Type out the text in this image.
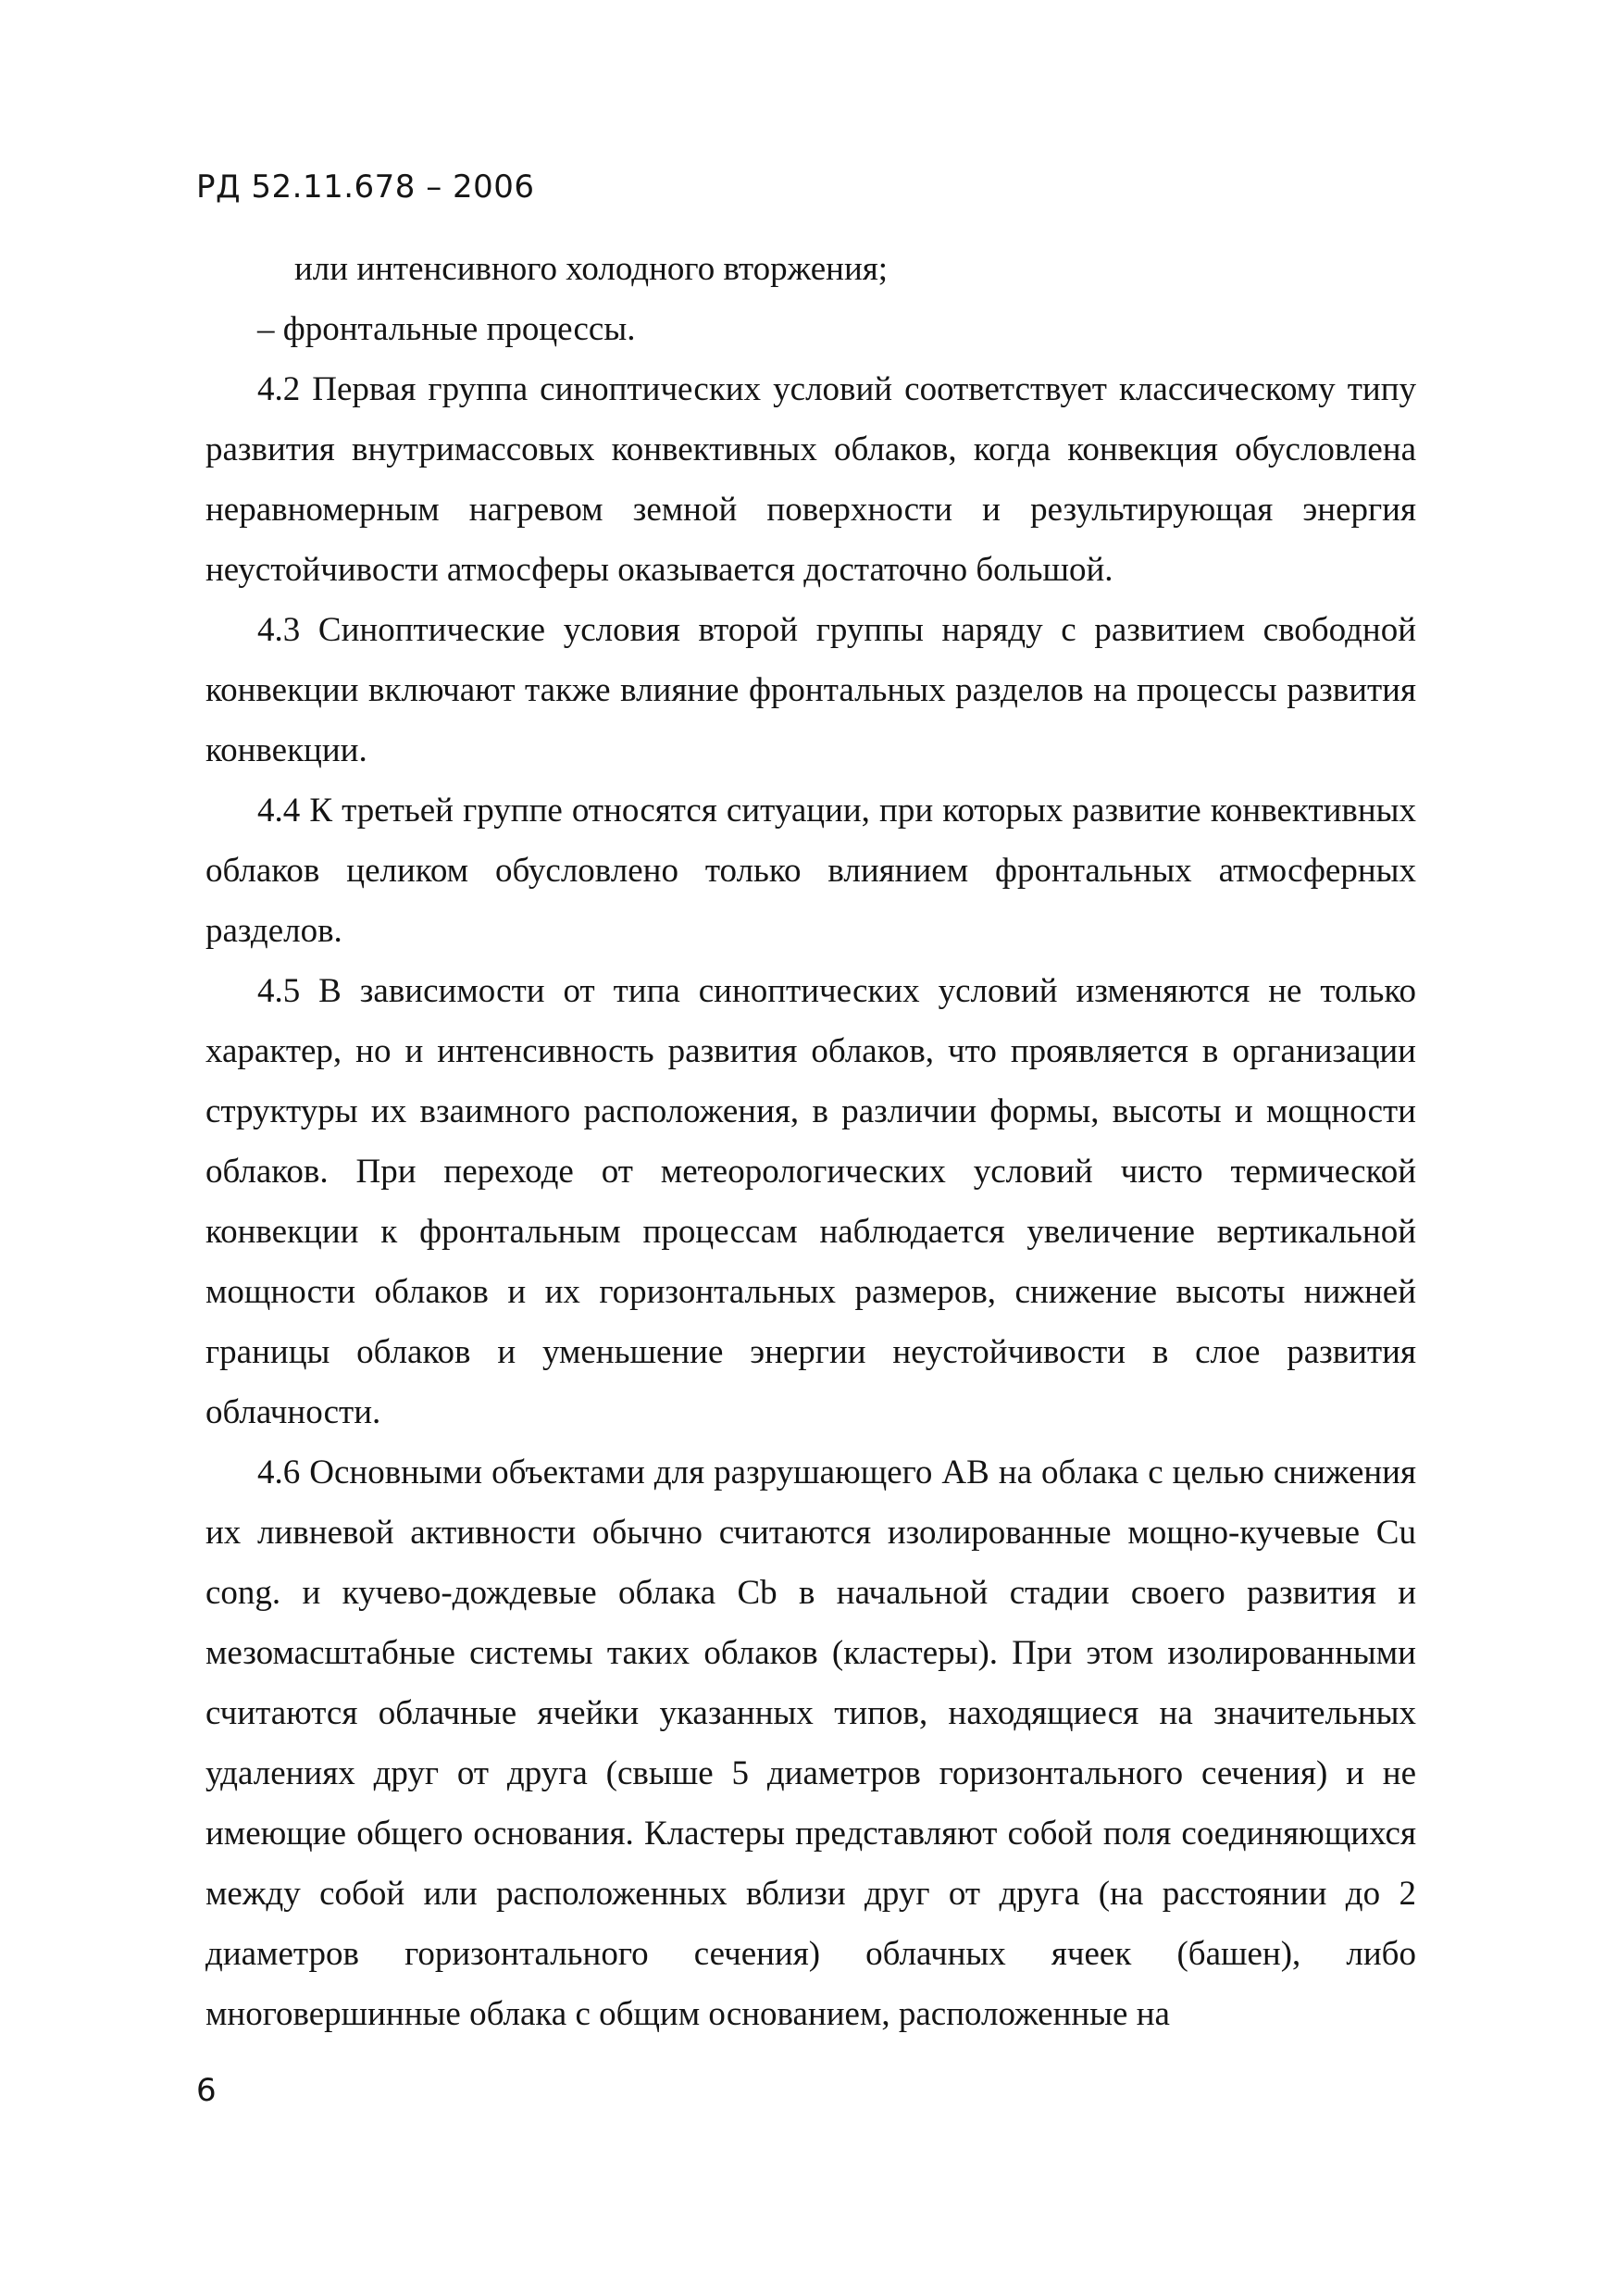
РД 52.11.678 – 2006

или интенсивного холодного вторжения;

– фронтальные процессы.

4.2 Первая группа синоптических условий соответствует классическому типу развития внутримассовых конвективных облаков, когда конвекция обусловлена неравномерным нагревом земной поверхности и результирующая энергия неустойчивости атмосферы оказывается достаточно большой.

4.3 Синоптические условия второй группы наряду с развитием свободной конвекции включают также влияние фронтальных разделов на процессы развития конвекции.

4.4 К третьей группе относятся ситуации, при которых развитие конвективных облаков целиком обусловлено только влиянием фронтальных атмосферных разделов.

4.5 В зависимости от типа синоптических условий изменяются не только характер, но и интенсивность развития облаков, что проявляется в организации структуры их взаимного расположения, в различии формы, высоты и мощности облаков. При переходе от метеорологических условий чисто термической конвекции к фронтальным процессам наблюдается увеличение вертикальной мощности облаков и их горизонтальных размеров, снижение высоты нижней границы облаков и уменьшение энергии неустойчивости в слое развития облачности.

4.6 Основными объектами для разрушающего АВ на облака с целью снижения их ливневой активности обычно считаются изолированные мощно-кучевые Cu cong. и кучево-дождевые облака Cb в начальной стадии своего развития и мезомасштабные системы таких облаков (кластеры). При этом изолированными считаются облачные ячейки указанных типов, находящиеся на значительных удалениях друг от друга (свыше 5 диаметров горизонтального сечения) и не имеющие общего основания. Кластеры представляют собой поля соединяющихся между собой или расположенных вблизи друг от друга (на расстоянии до 2 диаметров горизонтального сечения) облачных ячеек (башен), либо многовершинные облака с общим основанием, расположенные на

6
